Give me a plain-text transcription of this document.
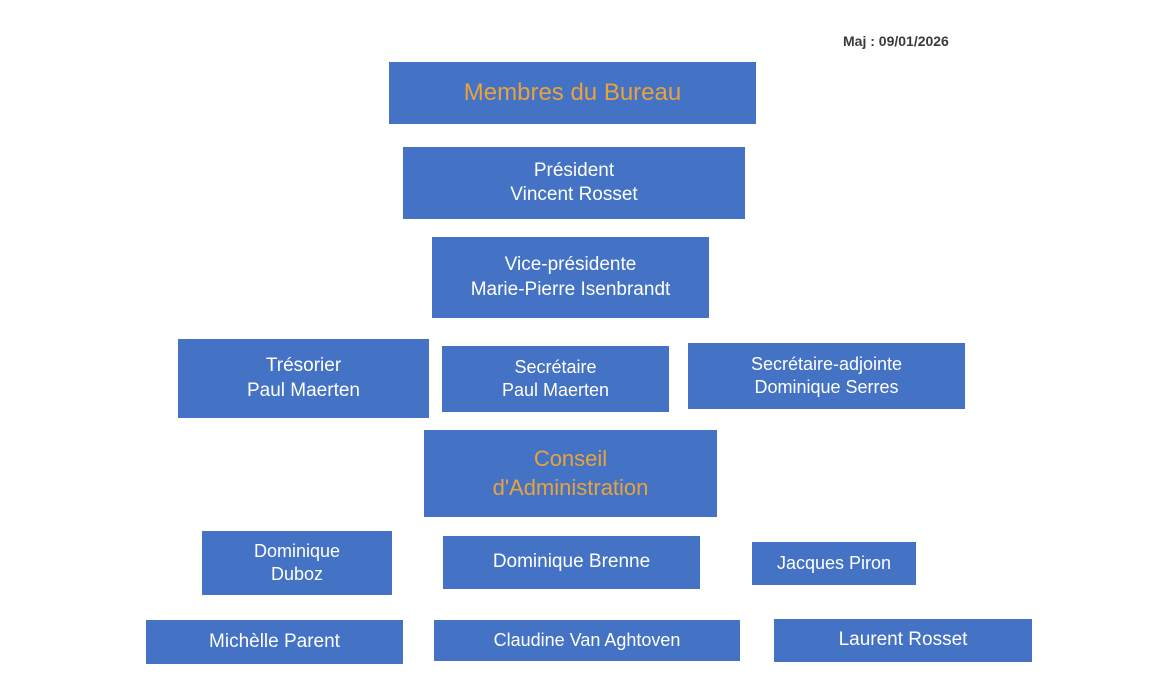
Maj : 09/01/2026
Membres du Bureau
Président
Vincent Rosset
Vice-présidente
Marie-Pierre Isenbrandt
Trésorier
Paul Maerten
Secrétaire
Paul Maerten
Secrétaire-adjointe
Dominique Serres
Conseil
d'Administration
Dominique
Duboz
Dominique Brenne	Jacques Piron
Michèlle Parent	Claudine Van Aghtoven	Laurent Rosset
